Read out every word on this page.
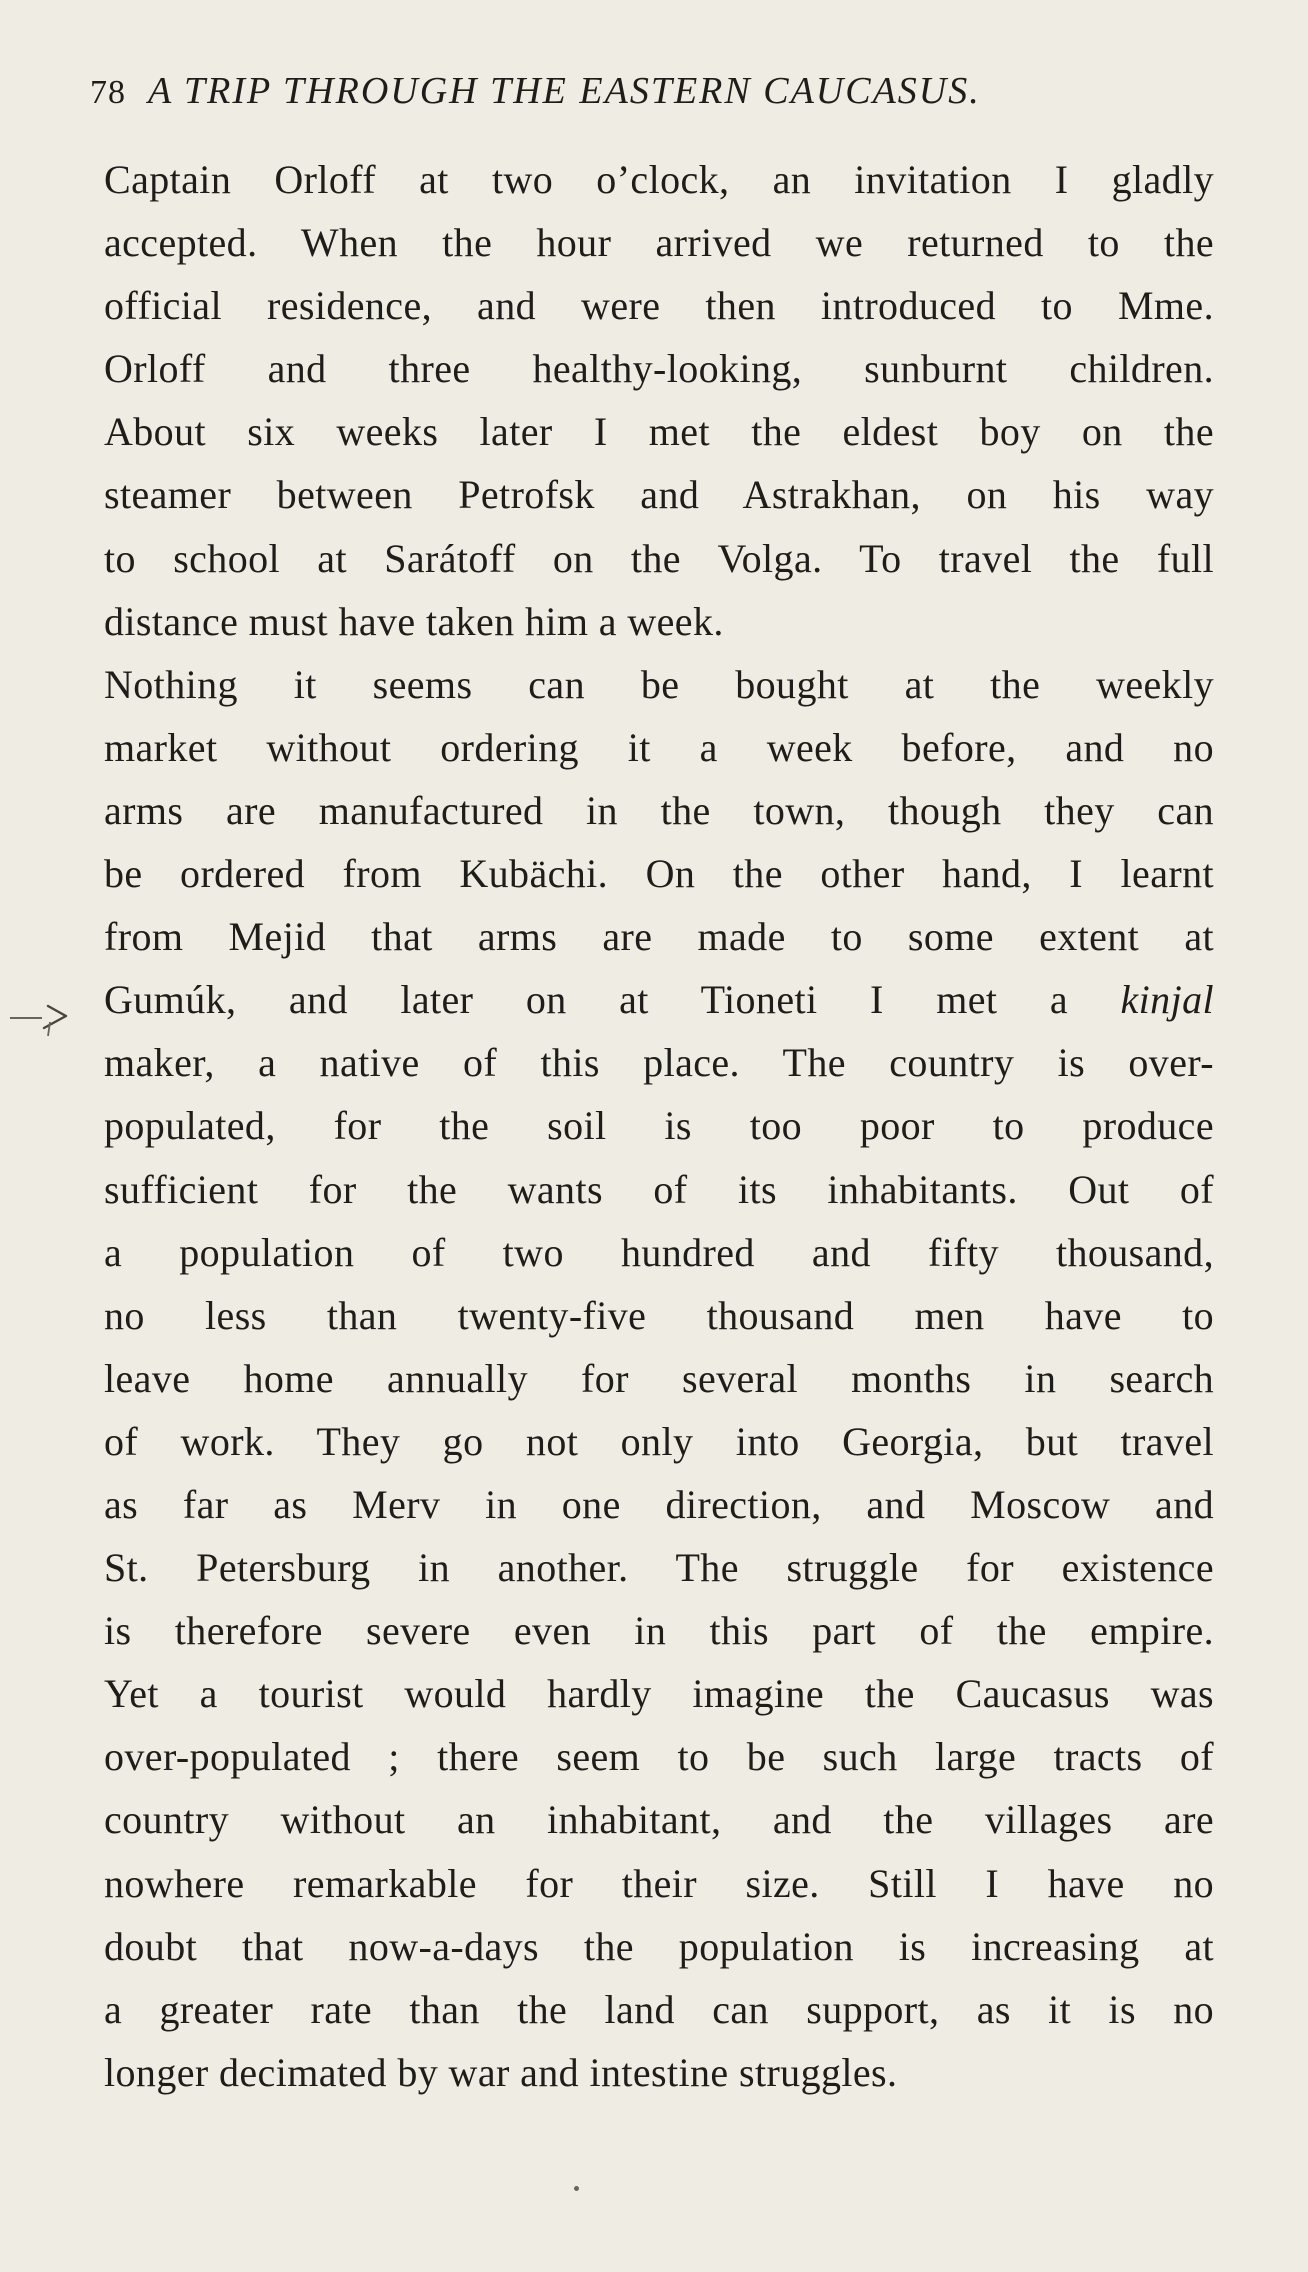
78 A TRIP THROUGH THE EASTERN CAUCASUS.
Captain Orloff at two o’clock, an invitation I gladly
accepted. When the hour arrived we returned to the
official residence, and were then introduced to Mme.
Orloff and three healthy-looking, sunburnt children.
About six weeks later I met the eldest boy on the
steamer between Petrofsk and Astrakhan, on his way
to school at Sarátoff on the Volga. To travel the full
distance must have taken him a week.
Nothing it seems can be bought at the weekly
market without ordering it a week before, and no
arms are manufactured in the town, though they can
be ordered from Kubächi. On the other hand, I learnt
from Mejid that arms are made to some extent at
Gumúk, and later on at Tioneti I met a kinjal
maker, a native of this place. The country is over-
populated, for the soil is too poor to produce
sufficient for the wants of its inhabitants. Out of
a population of two hundred and fifty thousand,
no less than twenty-five thousand men have to
leave home annually for several months in search
of work. They go not only into Georgia, but travel
as far as Merv in one direction, and Moscow and
St. Petersburg in another. The struggle for existence
is therefore severe even in this part of the empire.
Yet a tourist would hardly imagine the Caucasus was
over-populated ; there seem to be such large tracts of
country without an inhabitant, and the villages are
nowhere remarkable for their size. Still I have no
doubt that now-a-days the population is increasing at
a greater rate than the land can support, as it is no
longer decimated by war and intestine struggles.
